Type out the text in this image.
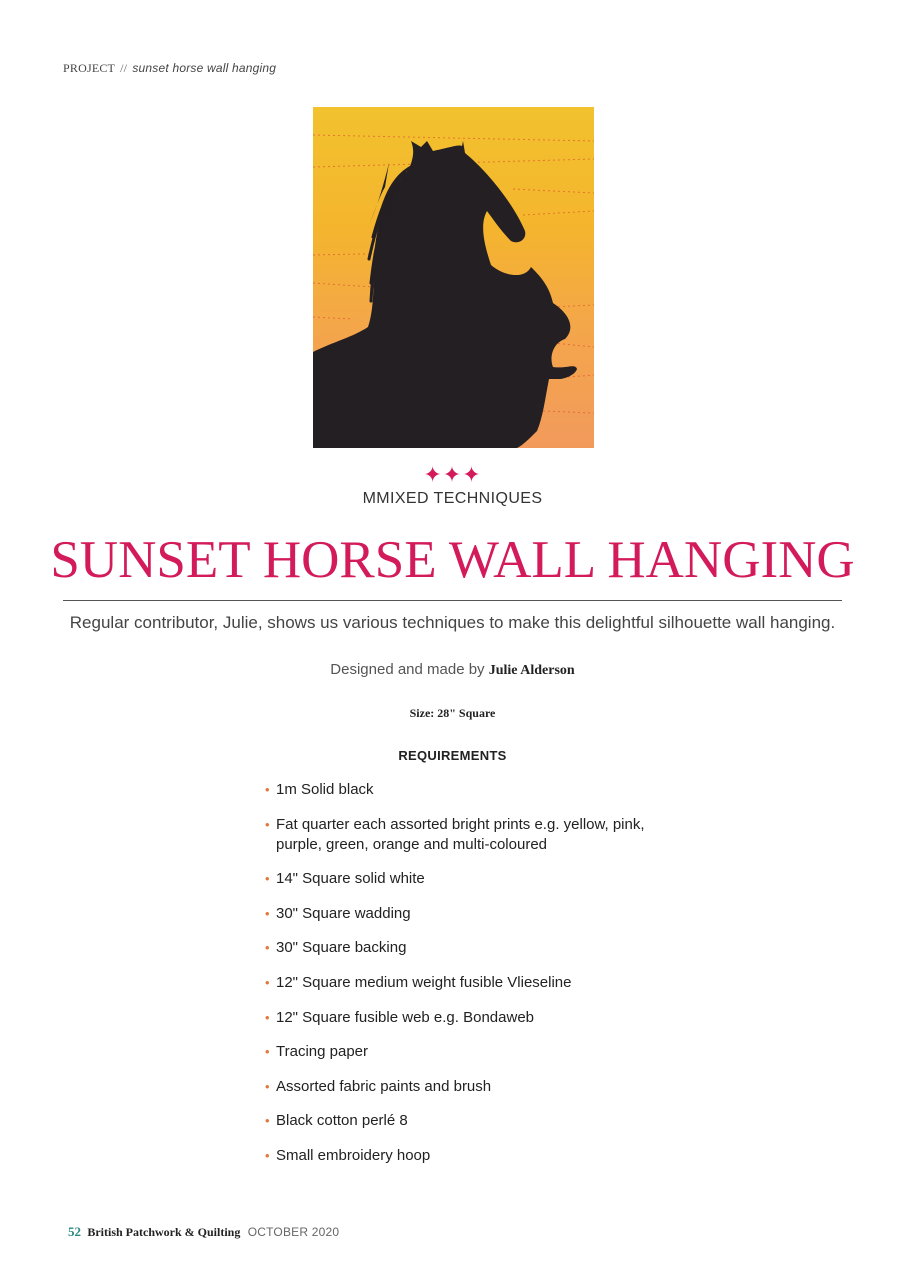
PROJECT // sunset horse wall hanging
✦✦✦
MMIXED TECHNIQUES
SUNSET HORSE WALL HANGING
Regular contributor, Julie, shows us various techniques to make this delightful silhouette wall hanging.
Designed and made by Julie Alderson
Size: 28" Square
REQUIREMENTS
• 1m Solid black
• Fat quarter each assorted bright prints e.g. yellow, pink, purple, green, orange and multi-coloured
• 14" Square solid white
• 30" Square wadding
• 30" Square backing
• 12" Square medium weight fusible Vlieseline
• 12" Square fusible web e.g. Bondaweb
• Tracing paper
• Assorted fabric paints and brush
• Black cotton perlé 8
• Small embroidery hoop
52 British Patchwork & Quilting OCTOBER 2020
